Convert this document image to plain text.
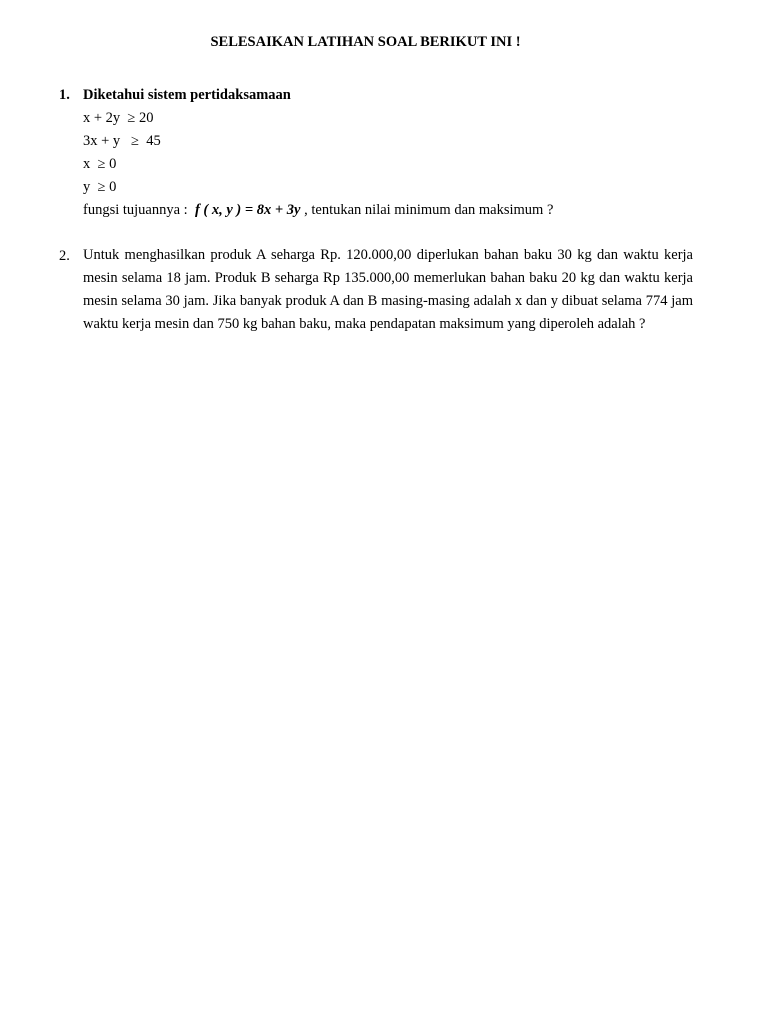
SELESAIKAN LATIHAN SOAL BERIKUT INI !
1. Diketahui sistem pertidaksamaan
x + 2y  ≥ 20
3x + y   ≥  45
x  ≥ 0
y  ≥ 0
fungsi tujuannya :  f ( x, y ) = 8x + 3y , tentukan nilai minimum dan maksimum ?
2. Untuk menghasilkan produk A seharga Rp. 120.000,00 diperlukan bahan baku 30 kg dan waktu kerja mesin selama 18 jam. Produk B seharga Rp 135.000,00 memerlukan bahan baku 20 kg dan waktu kerja mesin selama 30 jam. Jika banyak produk A dan B masing-masing adalah x dan y dibuat selama 774 jam waktu kerja mesin dan 750 kg bahan baku, maka pendapatan maksimum yang diperoleh adalah ?
